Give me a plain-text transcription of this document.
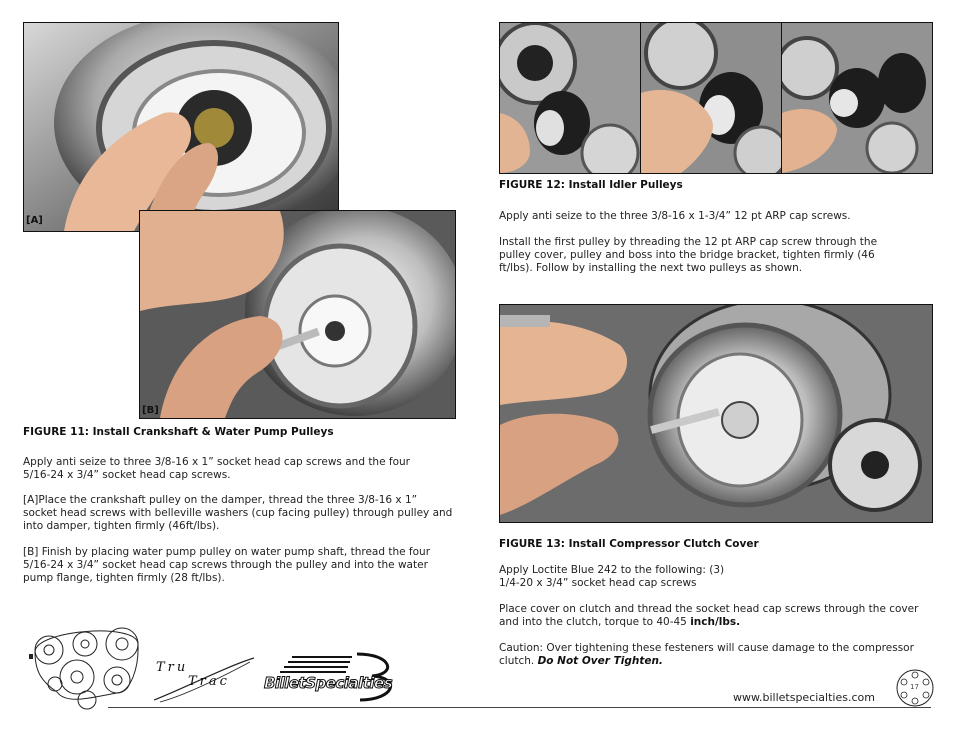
[A]
[B]
FIGURE 11: Install Crankshaft & Water Pump Pulleys
Apply anti seize to three 3/8-16 x 1” socket head cap screws and the four 5/16-24 x 3/4” socket head cap screws.
[A]Place the crankshaft pulley on the damper, thread the three 3/8-16 x 1” socket head screws with belleville washers (cup facing pulley) through pulley and into damper, tighten firmly (46ft/lbs).
[B] Finish by placing water pump pulley on water pump shaft, thread the four 5/16-24 x 3/4” socket head cap screws through the pulley and into the water pump flange, tighten firmly (28 ft/lbs).
Tru
Trac BilletSpecialties
FIGURE 12: Install Idler Pulleys
Apply anti seize to the three 3/8-16 x 1-3/4” 12 pt ARP cap screws.
Install the first pulley by threading the 12 pt ARP cap screw through the pulley cover, pulley and boss into the bridge bracket, tighten firmly (46 ft/lbs). Follow by installing the next two pulleys as shown.
FIGURE 13: Install Compressor Clutch Cover
Apply Loctite Blue 242 to the following: (3) 1/4-20 x 3/4” socket head cap screws
Place cover on clutch and thread the socket head cap screws through the cover and into the clutch, torque to 40-45 inch/lbs.
Caution: Over tightening these festeners will cause damage to the compressor clutch. Do Not Over Tighten.
www.billetspecialties.com
17
